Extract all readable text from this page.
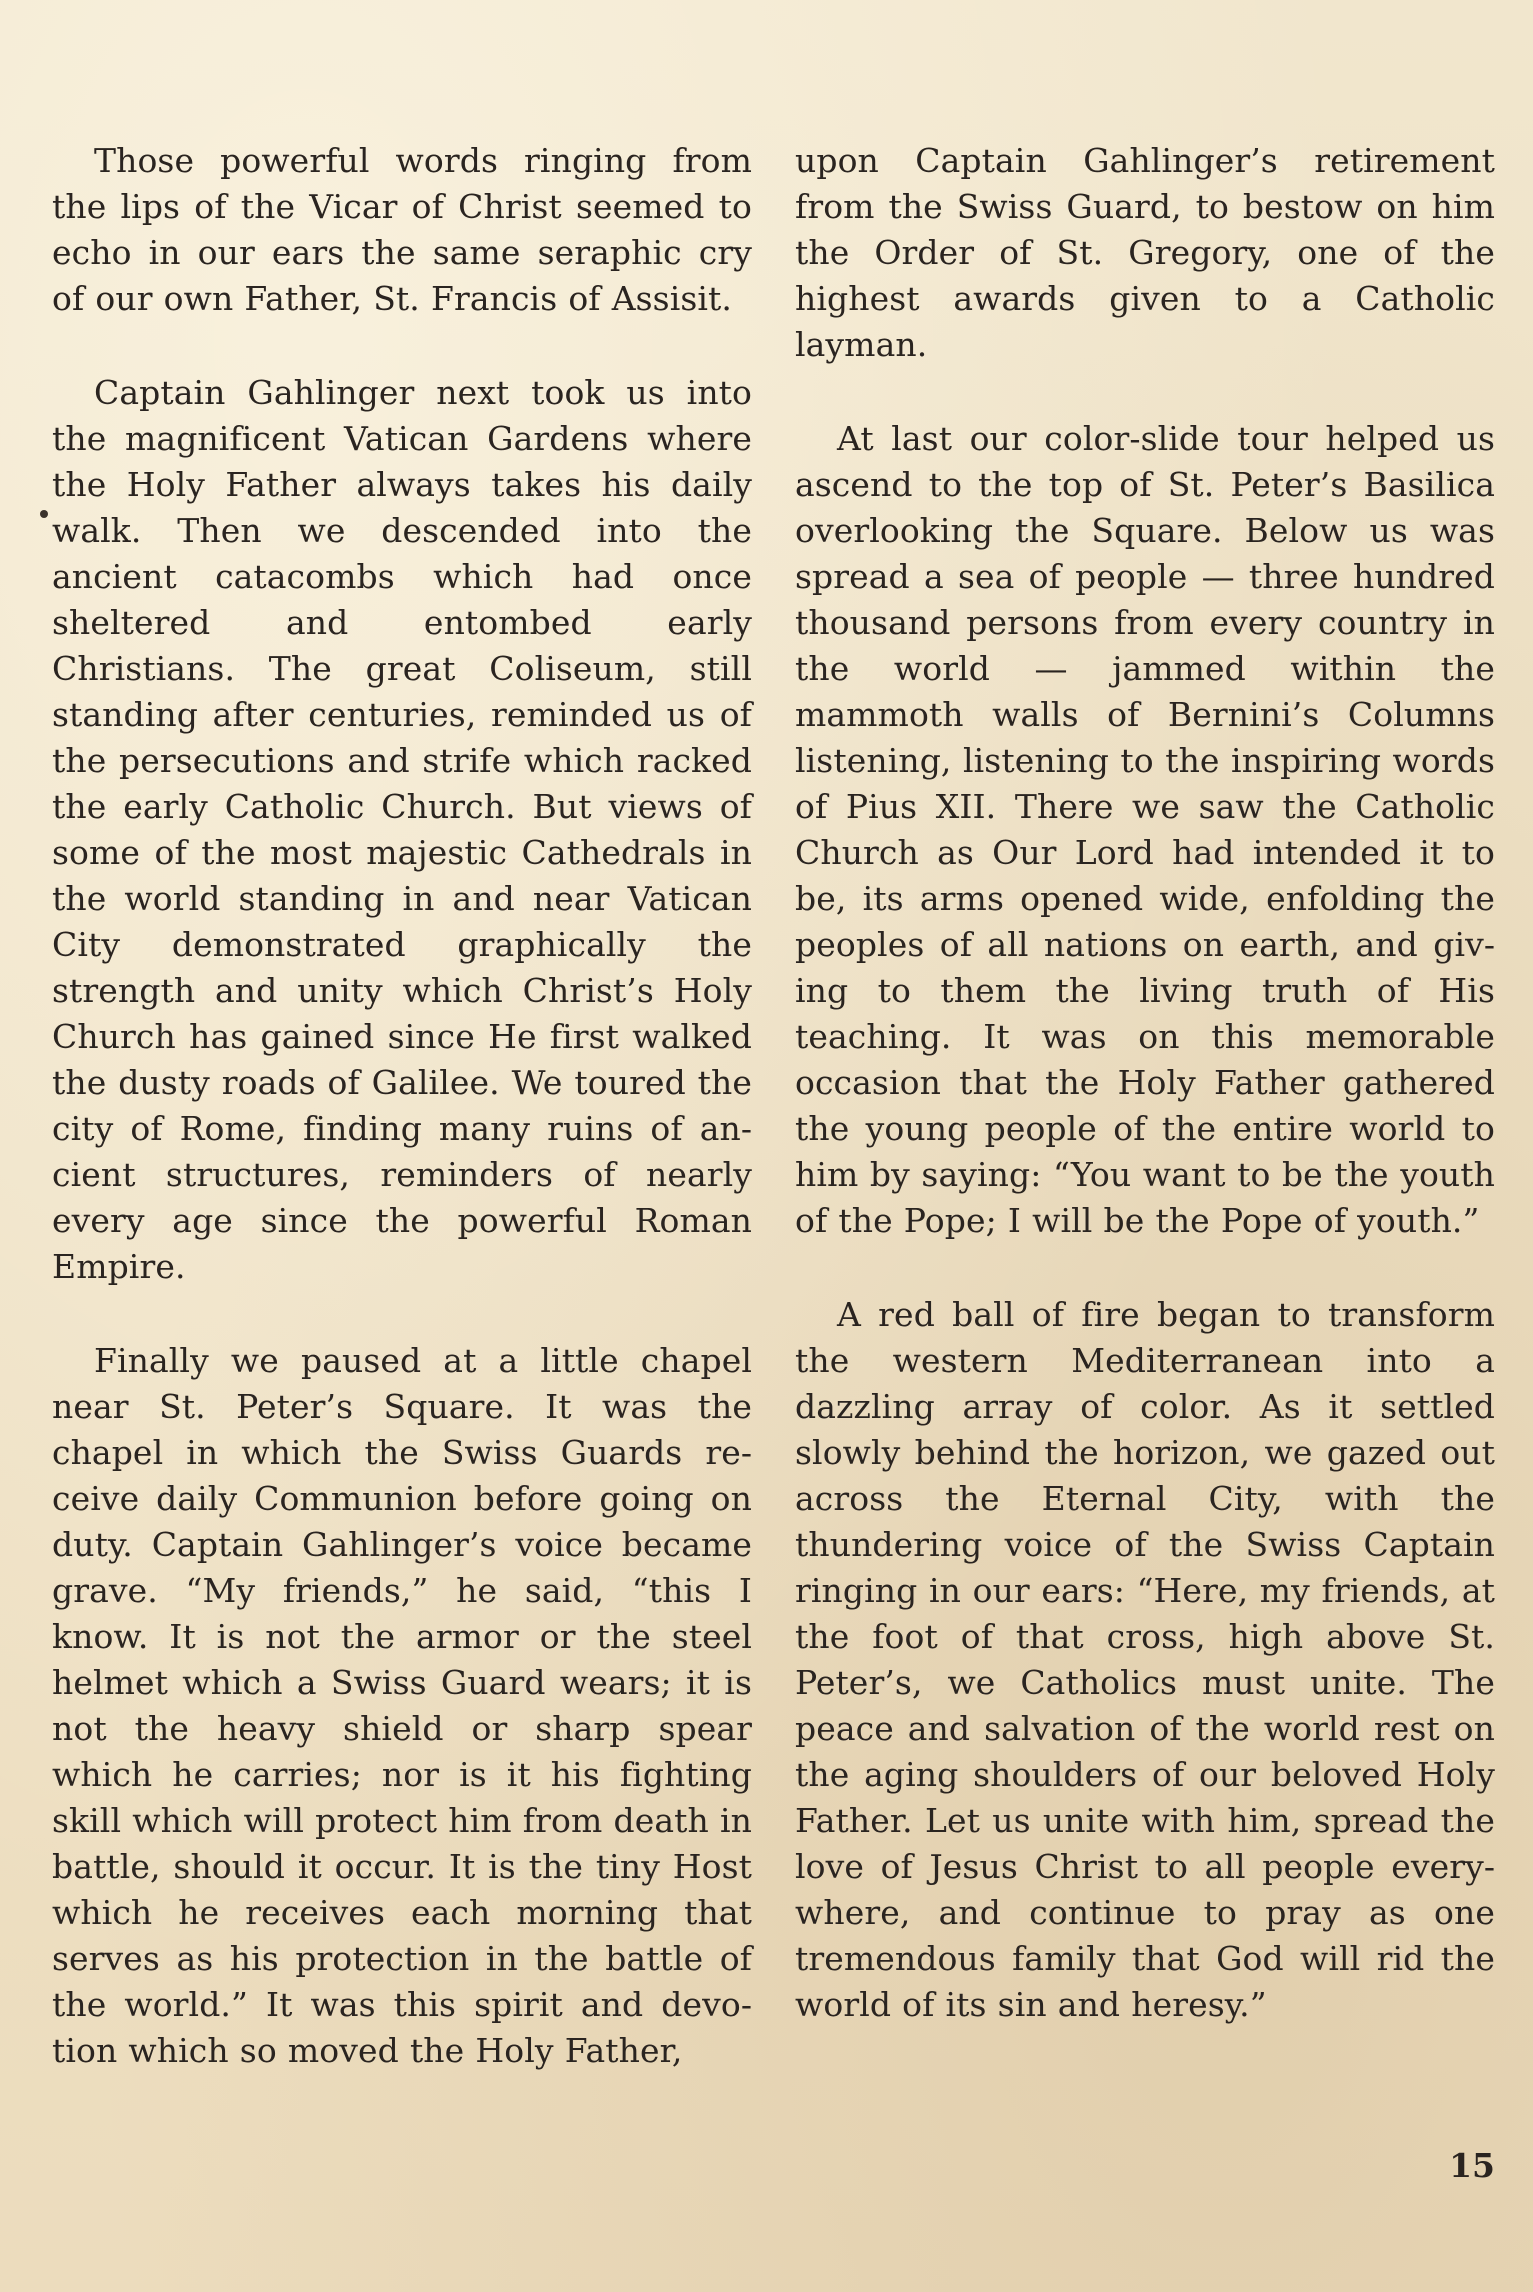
Those powerful words ringing from the lips of the Vicar of Christ seemed to echo in our ears the same seraphic cry of our own Father, St. Francis of Assisit.

Captain Gahlinger next took us into the magnificent Vatican Gardens where the Holy Father always takes his daily walk. Then we descended into the ancient catacombs which had once sheltered and entombed early Christians. The great Coliseum, still standing after centuries, reminded us of the persecutions and strife which racked the early Catholic Church. But views of some of the most majestic Cathedrals in the world standing in and near Vatican City demonstrated graphically the strength and unity which Christ’s Holy Church has gained since He first walked the dusty roads of Galilee. We toured the city of Rome, finding many ruins of ancient structures, reminders of nearly every age since the powerful Roman Empire.

Finally we paused at a little chapel near St. Peter’s Square. It was the chapel in which the Swiss Guards receive daily Communion before going on duty. Captain Gahlinger’s voice became grave. “My friends,” he said, “this I know. It is not the armor or the steel helmet which a Swiss Guard wears; it is not the heavy shield or sharp spear which he carries; nor is it his fighting skill which will protect him from death in battle, should it occur. It is the tiny Host which he receives each morning that serves as his protection in the battle of the world.” It was this spirit and devotion which so moved the Holy Father,

upon Captain Gahlinger’s retirement from the Swiss Guard, to bestow on him the Order of St. Gregory, one of the highest awards given to a Catholic layman.

At last our color-slide tour helped us ascend to the top of St. Peter’s Basilica overlooking the Square. Below us was spread a sea of people — three hundred thousand persons from every country in the world — jammed within the mammoth walls of Bernini’s Columns listening, listening to the inspiring words of Pius XII. There we saw the Catholic Church as Our Lord had intended it to be, its arms opened wide, enfolding the peoples of all nations on earth, and giving to them the living truth of His teaching. It was on this memorable occasion that the Holy Father gathered the young people of the entire world to him by saying: “You want to be the youth of the Pope; I will be the Pope of youth.”

A red ball of fire began to transform the western Mediterranean into a dazzling array of color. As it settled slowly behind the horizon, we gazed out across the Eternal City, with the thundering voice of the Swiss Captain ringing in our ears: “Here, my friends, at the foot of that cross, high above St. Peter’s, we Catholics must unite. The peace and salvation of the world rest on the aging shoulders of our beloved Holy Father. Let us unite with him, spread the love of Jesus Christ to all people everywhere, and continue to pray as one tremendous family that God will rid the world of its sin and heresy.”

15
